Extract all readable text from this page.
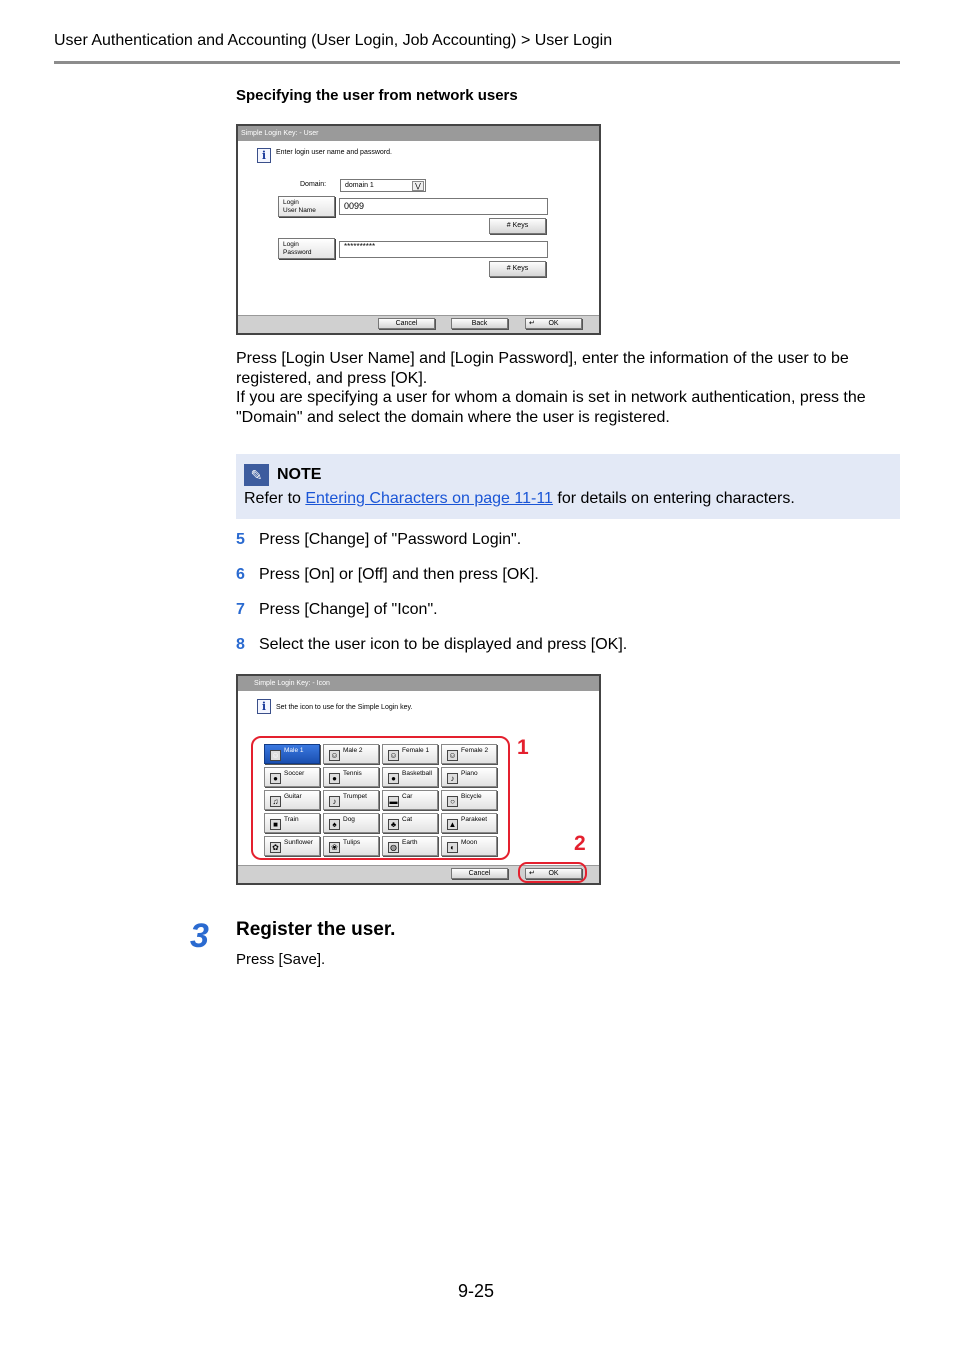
User Authentication and Accounting (User Login, Job Accounting) > User Login
Specifying the user from network users
Simple Login Key: - User
i	Enter login user name and password.
Domain:	domain 1	⋁
Login
User Name	0099
# Keys
Login
Password
**********
# Keys
Cancel	Back	↵ OK
Press [Login User Name] and [Login Password], enter the information of the user to be
registered, and press [OK].
If you are specifying a user for whom a domain is set in network authentication, press the
"Domain" and select the domain where the user is registered.
✎ NOTE
Refer to Entering Characters on page 11-11 for details on entering characters.
5 Press [Change] of "Password Login".
6 Press [On] or [Off] and then press [OK].
7 Press [Change] of "Icon".
8 Select the user icon to be displayed and press [OK].
Simple Login Key: - Icon
i	Set the icon to use for the Simple Login key.
☺
Male 1
☺
Male 2
☺
Female 1
☺
Female 2
●
Soccer
●
Tennis
●
Basketball
♪
Piano
♫
Guitar
♪
Trumpet
▬
Car
○
Bicycle
■
Train
♠
Dog
♣
Cat
▲
Parakeet
✿
Sunflower
❀
Tulips
◍
Earth
◐
Moon
Cancel	↵ OK
1
2
3 Register the user.
Press [Save].
9-25
